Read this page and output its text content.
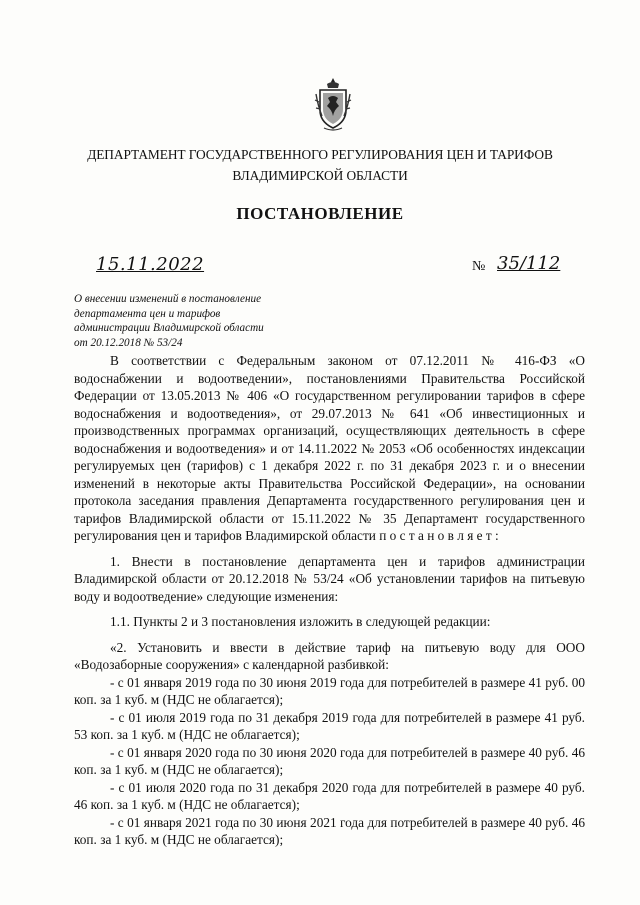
ДЕПАРТАМЕНТ ГОСУДАРСТВЕННОГО РЕГУЛИРОВАНИЯ ЦЕН И ТАРИФОВ
ВЛАДИМИРСКОЙ ОБЛАСТИ
ПОСТАНОВЛЕНИЕ
15.11.2022	№ 35/112
О внесении изменений в постановление
департамента цен и тарифов
администрации Владимирской области
от 20.12.2018 № 53/24

В соответствии с Федеральным законом от 07.12.2011 № 416-ФЗ «О водоснабжении и водоотведении», постановлениями Правительства Российской Федерации от 13.05.2013 № 406 «О государственном регулировании тарифов в сфере водоснабжения и водоотведения», от 29.07.2013 № 641 «Об инвестиционных и производственных программах организаций, осуществляющих деятельность в сфере водоснабжения и водоотведения» и от 14.11.2022 № 2053 «Об особенностях индексации регулируемых цен (тарифов) с 1 декабря 2022 г. по 31 декабря 2023 г. и о внесении изменений в некоторые акты Правительства Российской Федерации», на основании протокола заседания правления Департамента государственного регулирования цен и тарифов Владимирской области от 15.11.2022 № 35 Департамент государственного регулирования цен и тарифов Владимирской области п о с т а н о в л я е т :

1. Внести в постановление департамента цен и тарифов администрации Владимирской области от 20.12.2018 № 53/24 «Об установлении тарифов на питьевую воду и водоотведение» следующие изменения:

1.1. Пункты 2 и 3 постановления изложить в следующей редакции:

«2. Установить и ввести в действие тариф на питьевую воду для ООО «Водозаборные сооружения» с календарной разбивкой:

- с 01 января 2019 года по 30 июня 2019 года для потребителей в размере 41 руб. 00 коп. за 1 куб. м (НДС не облагается);

- с 01 июля 2019 года по 31 декабря 2019 года для потребителей в размере 41 руб. 53 коп. за 1 куб. м (НДС не облагается);

- с 01 января 2020 года по 30 июня 2020 года для потребителей в размере 40 руб. 46 коп. за 1 куб. м (НДС не облагается);

- с 01 июля 2020 года по 31 декабря 2020 года для потребителей в размере 40 руб. 46 коп. за 1 куб. м (НДС не облагается);

- с 01 января 2021 года по 30 июня 2021 года для потребителей в размере 40 руб. 46 коп. за 1 куб. м (НДС не облагается);
